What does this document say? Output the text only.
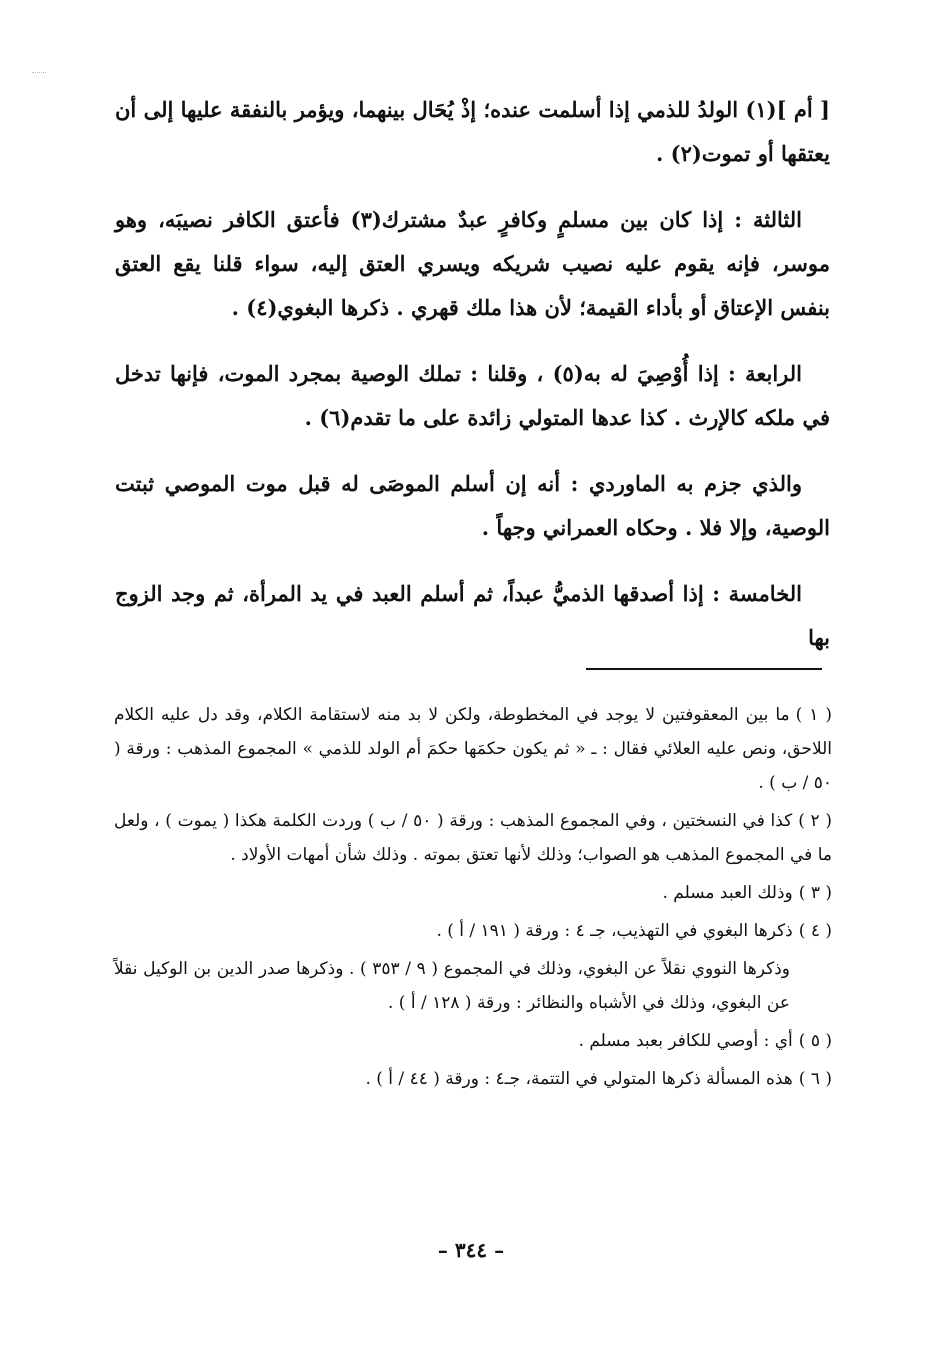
[ أم ](١) الولدُ للذمي إذا أسلمت عنده؛ إذْ يُحَال بينهما، ويؤمر بالنفقة عليها إلى أن يعتقها أو تموت(٢) .

الثالثة : إذا كان بين مسلمٍ وكافرٍ عبدٌ مشترك(٣) فأعتق الكافر نصيبَه، وهو موسر، فإنه يقوم عليه نصيب شريكه ويسري العتق إليه، سواء قلنا يقع العتق بنفس الإعتاق أو بأداء القيمة؛ لأن هذا ملك قهري . ذكرها البغوي(٤) .

الرابعة : إذا أُوْصِيَ له به(٥) ، وقلنا : تملك الوصية بمجرد الموت، فإنها تدخل في ملكه كالإرث . كذا عدها المتولي زائدة على ما تقدم(٦) .

والذي جزم به الماوردي : أنه إن أسلم الموصَى له قبل موت الموصي ثبتت الوصية، وإلا فلا . وحكاه العمراني وجهاً .

الخامسة : إذا أصدقها الذميُّ عبداً، ثم أسلم العبد في يد المرأة، ثم وجد الزوج بها

( ١ )ما بين المعقوفتين لا يوجد في المخطوطة، ولكن لا بد منه لاستقامة الكلام، وقد دل عليه الكلام اللاحق، ونص عليه العلائي فقال : ـ « ثم يكون حكمَها حكمَ أم الولد للذمي » المجموع المذهب : ورقة ( ٥٠ / ب ) .
( ٢ )كذا في النسختين ، وفي المجموع المذهب : ورقة ( ٥٠ / ب ) وردت الكلمة هكذا ( يموت ) ، ولعل ما في المجموع المذهب هو الصواب؛ وذلك لأنها تعتق بموته . وذلك شأن أمهات الأولاد .
( ٣ )وذلك العبد مسلم .
( ٤ )ذكرها البغوي في التهذيب، جـ ٤ : ورقة ( ١٩١ / أ ) .
وذكرها النووي نقلاً عن البغوي، وذلك في المجموع ( ٩ / ٣٥٣ ) . وذكرها صدر الدين بن الوكيل نقلاً عن البغوي، وذلك في الأشباه والنظائر : ورقة ( ١٢٨ / أ ) .
( ٥ )أي : أوصي للكافر بعبد مسلم .
( ٦ )هذه المسألة ذكرها المتولي في التتمة، جـ٤ : ورقة ( ٤٤ / أ ) .
– ٣٤٤ –
